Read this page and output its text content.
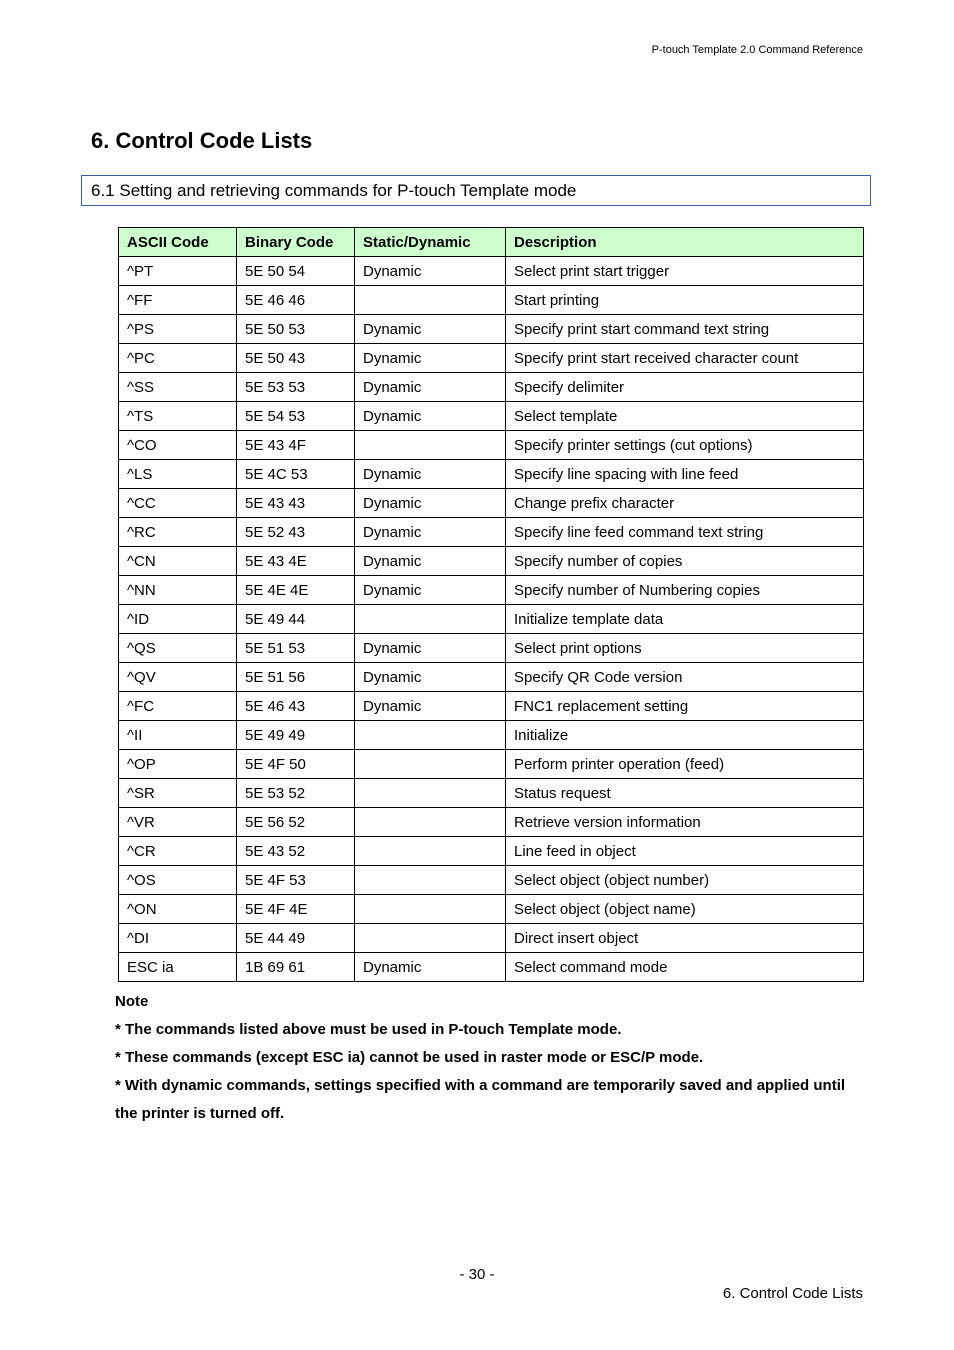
P-touch Template 2.0 Command Reference
6. Control Code Lists
6.1 Setting and retrieving commands for P-touch Template mode
ASCII Code	Binary Code	Static/Dynamic	Description
^PT	5E 50 54	Dynamic	Select print start trigger
^FF	5E 46 46		Start printing
^PS	5E 50 53	Dynamic	Specify print start command text string
^PC	5E 50 43	Dynamic	Specify print start received character count
^SS	5E 53 53	Dynamic	Specify delimiter
^TS	5E 54 53	Dynamic	Select template
^CO	5E 43 4F		Specify printer settings (cut options)
^LS	5E 4C 53	Dynamic	Specify line spacing with line feed
^CC	5E 43 43	Dynamic	Change prefix character
^RC	5E 52 43	Dynamic	Specify line feed command text string
^CN	5E 43 4E	Dynamic	Specify number of copies
^NN	5E 4E 4E	Dynamic	Specify number of Numbering copies
^ID	5E 49 44		Initialize template data
^QS	5E 51 53	Dynamic	Select print options
^QV	5E 51 56	Dynamic	Specify QR Code version
^FC	5E 46 43	Dynamic	FNC1 replacement setting
^II	5E 49 49		Initialize
^OP	5E 4F 50		Perform printer operation (feed)
^SR	5E 53 52		Status request
^VR	5E 56 52		Retrieve version information
^CR	5E 43 52		Line feed in object
^OS	5E 4F 53		Select object (object number)
^ON	5E 4F 4E		Select object (object name)
^DI	5E 44 49		Direct insert object
ESC ia	1B 69 61	Dynamic	Select command mode

Note

* The commands listed above must be used in P-touch Template mode.

* These commands (except ESC ia) cannot be used in raster mode or ESC/P mode.

* With dynamic commands, settings specified with a command are temporarily saved and applied until the printer is turned off.

- 30 -
6. Control Code Lists
